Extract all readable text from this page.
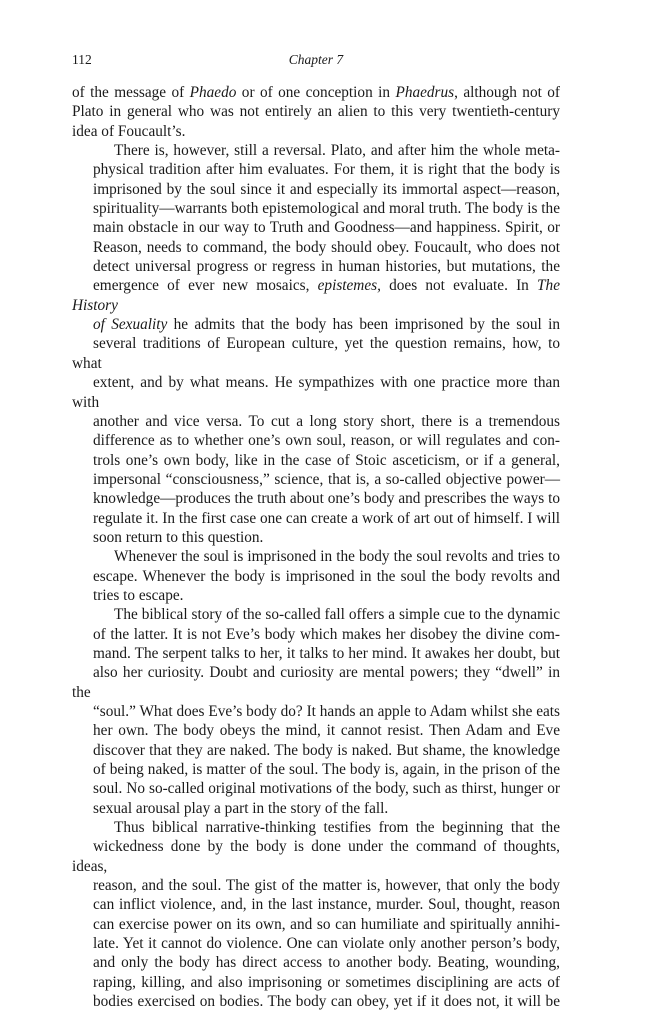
112	Chapter 7
of the message of Phaedo or of one conception in Phaedrus, although not of
Plato in general who was not entirely an alien to this very twentieth-century
idea of Foucault’s.
There is, however, still a reversal. Plato, and after him the whole meta-
physical tradition after him evaluates. For them, it is right that the body is
imprisoned by the soul since it and especially its immortal aspect—reason,
spirituality—warrants both epistemological and moral truth. The body is the
main obstacle in our way to Truth and Goodness—and happiness. Spirit, or
Reason, needs to command, the body should obey. Foucault, who does not
detect universal progress or regress in human histories, but mutations, the
emergence of ever new mosaics, epistemes, does not evaluate. In The History
of Sexuality he admits that the body has been imprisoned by the soul in
several traditions of European culture, yet the question remains, how, to what
extent, and by what means. He sympathizes with one practice more than with
another and vice versa. To cut a long story short, there is a tremendous
difference as to whether one’s own soul, reason, or will regulates and con-
trols one’s own body, like in the case of Stoic asceticism, or if a general,
impersonal “consciousness,” science, that is, a so-called objective power—
knowledge—produces the truth about one’s body and prescribes the ways to
regulate it. In the first case one can create a work of art out of himself. I will
soon return to this question.
Whenever the soul is imprisoned in the body the soul revolts and tries to
escape. Whenever the body is imprisoned in the soul the body revolts and
tries to escape.
The biblical story of the so-called fall offers a simple cue to the dynamic
of the latter. It is not Eve’s body which makes her disobey the divine com-
mand. The serpent talks to her, it talks to her mind. It awakes her doubt, but
also her curiosity. Doubt and curiosity are mental powers; they “dwell” in the
“soul.” What does Eve’s body do? It hands an apple to Adam whilst she eats
her own. The body obeys the mind, it cannot resist. Then Adam and Eve
discover that they are naked. The body is naked. But shame, the knowledge
of being naked, is matter of the soul. The body is, again, in the prison of the
soul. No so-called original motivations of the body, such as thirst, hunger or
sexual arousal play a part in the story of the fall.
Thus biblical narrative-thinking testifies from the beginning that the
wickedness done by the body is done under the command of thoughts, ideas,
reason, and the soul. The gist of the matter is, however, that only the body
can inflict violence, and, in the last instance, murder. Soul, thought, reason
can exercise power on its own, and so can humiliate and spiritually annihi-
late. Yet it cannot do violence. One can violate only another person’s body,
and only the body has direct access to another body. Beating, wounding,
raping, killing, and also imprisoning or sometimes disciplining are acts of
bodies exercised on bodies. The body can obey, yet if it does not, it will be
